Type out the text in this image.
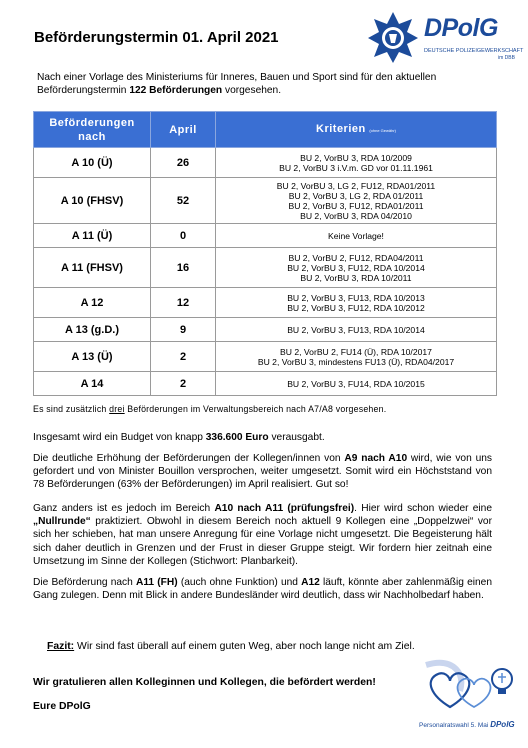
Beförderungstermin 01. April 2021	DPolG
DEUTSCHE POLIZEIGEWERKSCHAFT
im DBB
Nach einer Vorlage des Ministeriums für Inneres, Bauen und Sport sind für den aktuellen Beförderungstermin 122 Beförderungen vorgesehen.
Beförderungen nach	April	Kriterien (ohne Gewähr)
A 10 (Ü)	26	BU 2, VorBU 3, RDA 10/2009
BU 2, VorBU 3 i.V.m. GD vor 01.11.1961

A 10 (FHSV)	52	BU 2, VorBU 3, LG 2, FU12, RDA01/2011
BU 2, VorBU 3, LG 2, RDA 01/2011
BU 2, VorBU 3, FU12, RDA01/2011
BU 2, VorBU 3, RDA 04/2010

A 11 (Ü)	0	Keine Vorlage!

A 11 (FHSV)	16	BU 2, VorBU 2, FU12, RDA04/2011
BU 2, VorBU 3, FU12, RDA 10/2014
BU 2, VorBU 3, RDA 10/2011

A 12	12	BU 2, VorBU 3, FU13, RDA 10/2013
BU 2, VorBU 3, FU12, RDA 10/2012

A 13 (g.D.)	9	BU 2, VorBU 3, FU13, RDA 10/2014

A 13 (Ü)	2	BU 2, VorBU 2, FU14 (Ü), RDA 10/2017
BU 2, VorBU 3, mindestens FU13 (Ü), RDA04/2017

A 14	2	BU 2, VorBU 3, FU14, RDA 10/2015
Es sind zusätzlich drei Beförderungen im Verwaltungsbereich nach A7/A8 vorgesehen.
Insgesamt wird ein Budget von knapp 336.600 Euro verausgabt.
Die deutliche Erhöhung der Beförderungen der Kollegen/innen von A9 nach A10 wird, wie von uns gefordert und von Minister Bouillon versprochen, weiter umgesetzt. Somit wird ein Höchststand von 78 Beförderungen (63% der Beförderungen) im April realisiert. Gut so!
Ganz anders ist es jedoch im Bereich A10 nach A11 (prüfungsfrei). Hier wird schon wieder eine „Nullrunde“ praktiziert. Obwohl in diesem Bereich noch aktuell 9 Kollegen eine „Doppelzwei“ vor sich her schieben, hat man unsere Anregung für eine Vorlage nicht umgesetzt. Die Begeisterung hält sich daher deutlich in Grenzen und der Frust in dieser Gruppe steigt. Wir fordern hier zeitnah eine Umsetzung im Sinne der Kollegen (Stichwort: Planbarkeit).
Die Beförderung nach A11 (FH) (auch ohne Funktion) und A12 läuft, könnte aber zahlenmäßig einen Gang zulegen. Denn mit Blick in andere Bundesländer wird deutlich, dass wir Nachholbedarf haben.
Fazit: Wir sind fast überall auf einem guten Weg, aber noch lange nicht am Ziel.
Wir gratulieren allen Kolleginnen und Kollegen, die befördert werden!
Eure DPolG
Personalratswahl 5. Mai DPolG
